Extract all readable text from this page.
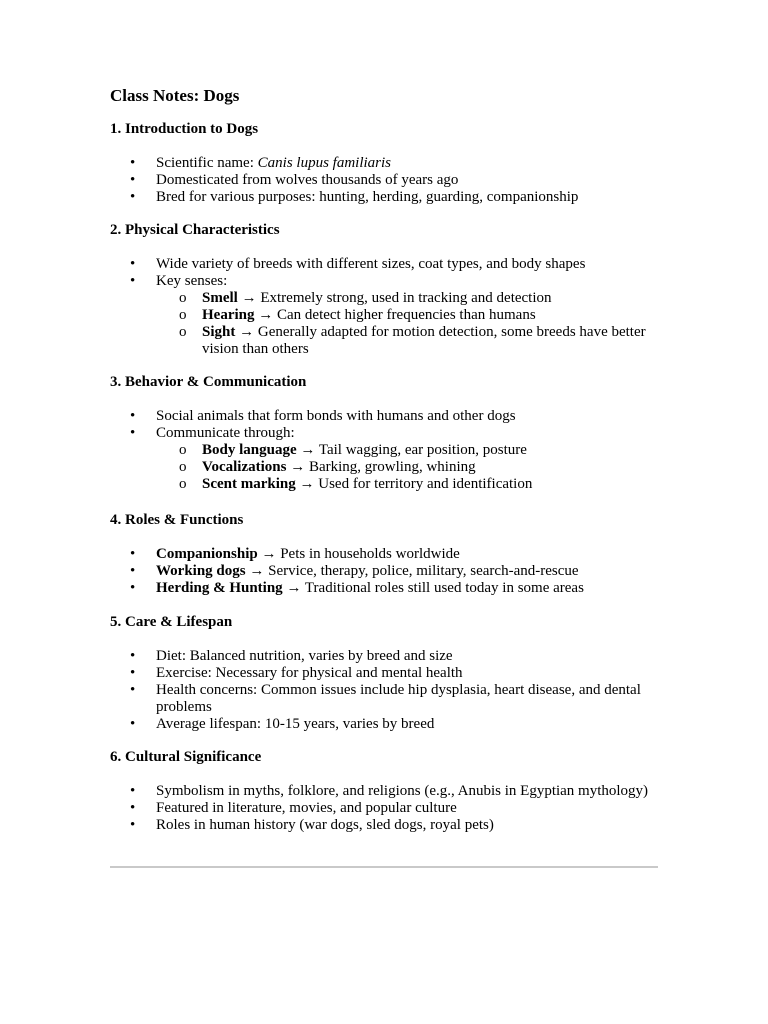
Class Notes: Dogs
1. Introduction to Dogs
• Scientific name: Canis lupus familiaris
• Domesticated from wolves thousands of years ago
• Bred for various purposes: hunting, herding, guarding, companionship
2. Physical Characteristics
• Wide variety of breeds with different sizes, coat types, and body shapes
• Key senses:
o Smell → Extremely strong, used in tracking and detection
o Hearing → Can detect higher frequencies than humans
o Sight → Generally adapted for motion detection, some breeds have better vision than others
3. Behavior & Communication
• Social animals that form bonds with humans and other dogs
• Communicate through:
o Body language → Tail wagging, ear position, posture
o Vocalizations → Barking, growling, whining
o Scent marking → Used for territory and identification
4. Roles & Functions
• Companionship → Pets in households worldwide
• Working dogs → Service, therapy, police, military, search-and-rescue
• Herding & Hunting → Traditional roles still used today in some areas
5. Care & Lifespan
• Diet: Balanced nutrition, varies by breed and size
• Exercise: Necessary for physical and mental health
• Health concerns: Common issues include hip dysplasia, heart disease, and dental problems
• Average lifespan: 10-15 years, varies by breed
6. Cultural Significance
• Symbolism in myths, folklore, and religions (e.g., Anubis in Egyptian mythology)
• Featured in literature, movies, and popular culture
• Roles in human history (war dogs, sled dogs, royal pets)
